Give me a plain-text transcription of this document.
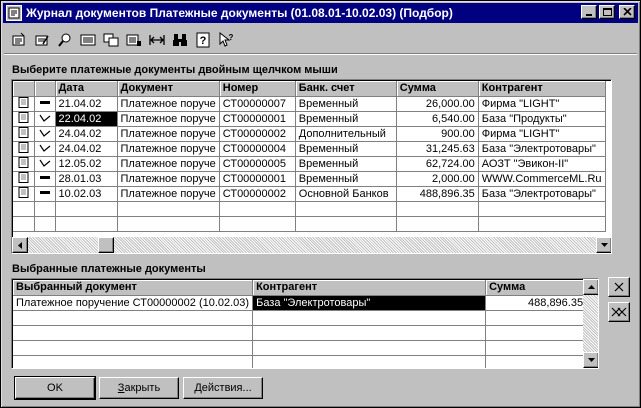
Журнал документов Платежные документы (01.08.01-10.02.03) (Подбор)
?	?
Выберите платежные документы двойным щелчком мыши
		Дата	Документ	Номер	Банк. счет	Сумма	Контрагент
		21.04.02	Платежное поруче	СТ00000007	Временный	26,000.00	Фирма "LIGHT"
		22.04.02	Платежное поруче	СТ00000001	Временный	6,540.00	База "Продукты"
		24.04.02	Платежное поруче	СТ00000002	Дополнительный	900.00	Фирма "LIGHT"
		24.04.02	Платежное поруче	СТ00000004	Временный	31,245.63	База "Электротовары"
		12.05.02	Платежное поруче	СТ00000005	Временный	62,724.00	АОЗТ "Эвикон-II"
		28.01.03	Платежное поруче	СТ00000001	Временный	2,000.00	WWW.CommerceML.Ru
		10.02.03	Платежное поруче	СТ00000002	Основной Банков	488,896.35	База "Электротовары"

Выбранные платежные документы
Выбранный документ	Контрагент	Сумма
Платежное поручение СТ00000002 (10.02.03)	База "Электротовары"	488,896.35

OK	З акрыть	Действия...
